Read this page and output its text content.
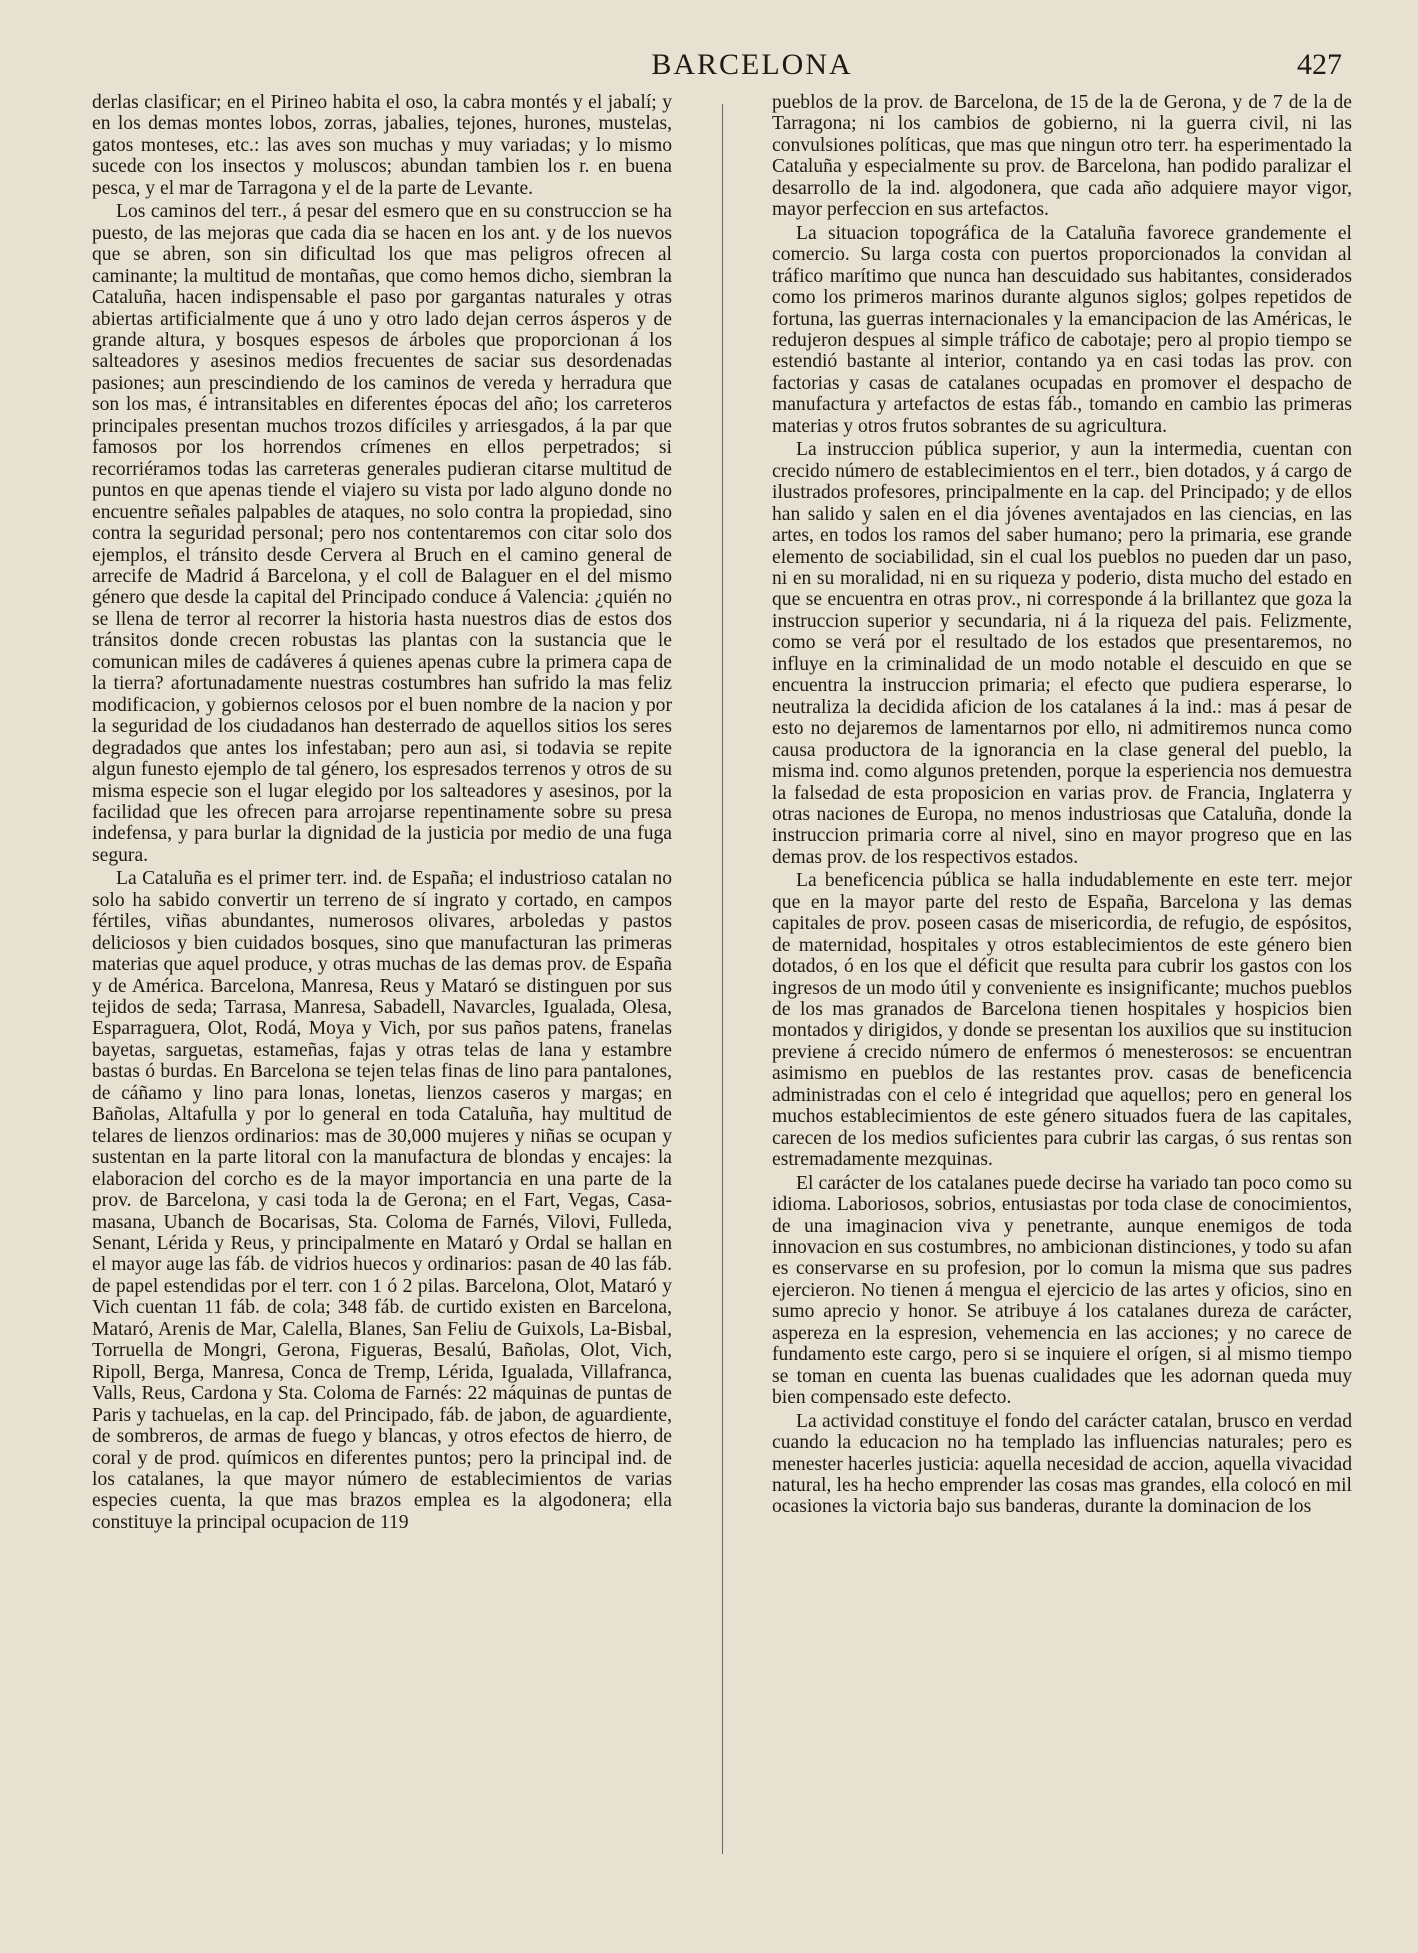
BARCELONA	427

derlas clasificar; en el Pirineo habita el oso, la cabra montés y el jabalí; y en los demas montes lobos, zorras, jabalies, tejones, hurones, mustelas, gatos monteses, etc.: las aves son muchas y muy variadas; y lo mismo sucede con los insectos y moluscos; abundan tambien los r. en buena pesca, y el mar de Tarragona y el de la parte de Levante.

Los caminos del terr., á pesar del esmero que en su construccion se ha puesto, de las mejoras que cada dia se hacen en los ant. y de los nuevos que se abren, son sin dificultad los que mas peligros ofrecen al caminante; la multitud de montañas, que como hemos dicho, siembran la Cataluña, hacen indispensable el paso por gargantas naturales y otras abiertas artificialmente que á uno y otro lado dejan cerros ásperos y de grande altura, y bosques espesos de árboles que proporcionan á los salteadores y asesinos medios frecuentes de saciar sus desordenadas pasiones; aun prescindiendo de los caminos de vereda y herradura que son los mas, é intransitables en diferentes épocas del año; los carreteros principales presentan muchos trozos difíciles y arriesgados, á la par que famosos por los horrendos crímenes en ellos perpetrados; si recorriéramos todas las carreteras generales pudieran citarse multitud de puntos en que apenas tiende el viajero su vista por lado alguno donde no encuentre señales palpables de ataques, no solo contra la propiedad, sino contra la seguridad personal; pero nos contentaremos con citar solo dos ejemplos, el tránsito desde Cervera al Bruch en el camino general de arrecife de Madrid á Barcelona, y el coll de Balaguer en el del mismo género que desde la capital del Principado conduce á Valencia: ¿quién no se llena de terror al recorrer la historia hasta nuestros dias de estos dos tránsitos donde crecen robustas las plantas con la sustancia que le comunican miles de cadáveres á quienes apenas cubre la primera capa de la tierra? afortunadamente nuestras costumbres han sufrido la mas feliz modificacion, y gobiernos celosos por el buen nombre de la nacion y por la seguridad de los ciudadanos han desterrado de aquellos sitios los seres degradados que antes los infestaban; pero aun asi, si todavia se repite algun funesto ejemplo de tal género, los espresados terrenos y otros de su misma especie son el lugar elegido por los salteadores y asesinos, por la facilidad que les ofrecen para arrojarse repentinamente sobre su presa indefensa, y para burlar la dignidad de la justicia por medio de una fuga segura.

La Cataluña es el primer terr. ind. de España; el industrioso catalan no solo ha sabido convertir un terreno de sí ingrato y cortado, en campos fértiles, viñas abundantes, numerosos olivares, arboledas y pastos deliciosos y bien cuidados bosques, sino que manufacturan las primeras materias que aquel produce, y otras muchas de las demas prov. de España y de América. Barcelona, Manresa, Reus y Mataró se distinguen por sus tejidos de seda; Tarrasa, Manresa, Sabadell, Navarcles, Igualada, Olesa, Esparraguera, Olot, Rodá, Moya y Vich, por sus paños patens, franelas bayetas, sarguetas, estameñas, fajas y otras telas de lana y estambre bastas ó burdas. En Barcelona se tejen telas finas de lino para pantalones, de cáñamo y lino para lonas, lonetas, lienzos caseros y margas; en Bañolas, Altafulla y por lo general en toda Cataluña, hay multitud de telares de lienzos ordinarios: mas de 30,000 mujeres y niñas se ocupan y sustentan en la parte litoral con la manufactura de blondas y encajes: la elaboracion del corcho es de la mayor importancia en una parte de la prov. de Barcelona, y casi toda la de Gerona; en el Fart, Vegas, Casa-masana, Ubanch de Bocarisas, Sta. Coloma de Farnés, Vilovi, Fulleda, Senant, Lérida y Reus, y principalmente en Mataró y Ordal se hallan en el mayor auge las fáb. de vidrios huecos y ordinarios: pasan de 40 las fáb. de papel estendidas por el terr. con 1 ó 2 pilas. Barcelona, Olot, Mataró y Vich cuentan 11 fáb. de cola; 348 fáb. de curtido existen en Barcelona, Mataró, Arenis de Mar, Calella, Blanes, San Feliu de Guixols, La-Bisbal, Torruella de Mongri, Gerona, Figueras, Besalú, Bañolas, Olot, Vich, Ripoll, Berga, Manresa, Conca de Tremp, Lérida, Igualada, Villafranca, Valls, Reus, Cardona y Sta. Coloma de Farnés: 22 máquinas de puntas de Paris y tachuelas, en la cap. del Principado, fáb. de jabon, de aguardiente, de sombreros, de armas de fuego y blancas, y otros efectos de hierro, de coral y de prod. químicos en diferentes puntos; pero la principal ind. de los catalanes, la que mayor número de establecimientos de varias especies cuenta, la que mas brazos emplea es la algodonera; ella constituye la principal ocupacion de 119

pueblos de la prov. de Barcelona, de 15 de la de Gerona, y de 7 de la de Tarragona; ni los cambios de gobierno, ni la guerra civil, ni las convulsiones políticas, que mas que ningun otro terr. ha esperimentado la Cataluña y especialmente su prov. de Barcelona, han podido paralizar el desarrollo de la ind. algodonera, que cada año adquiere mayor vigor, mayor perfeccion en sus artefactos.

La situacion topográfica de la Cataluña favorece grandemente el comercio. Su larga costa con puertos proporcionados la convidan al tráfico marítimo que nunca han descuidado sus habitantes, considerados como los primeros marinos durante algunos siglos; golpes repetidos de fortuna, las guerras internacionales y la emancipacion de las Américas, le redujeron despues al simple tráfico de cabotaje; pero al propio tiempo se estendió bastante al interior, contando ya en casi todas las prov. con factorias y casas de catalanes ocupadas en promover el despacho de manufactura y artefactos de estas fáb., tomando en cambio las primeras materias y otros frutos sobrantes de su agricultura.

La instruccion pública superior, y aun la intermedia, cuentan con crecido número de establecimientos en el terr., bien dotados, y á cargo de ilustrados profesores, principalmente en la cap. del Principado; y de ellos han salido y salen en el dia jóvenes aventajados en las ciencias, en las artes, en todos los ramos del saber humano; pero la primaria, ese grande elemento de sociabilidad, sin el cual los pueblos no pueden dar un paso, ni en su moralidad, ni en su riqueza y poderio, dista mucho del estado en que se encuentra en otras prov., ni corresponde á la brillantez que goza la instruccion superior y secundaria, ni á la riqueza del pais. Felizmente, como se verá por el resultado de los estados que presentaremos, no influye en la criminalidad de un modo notable el descuido en que se encuentra la instruccion primaria; el efecto que pudiera esperarse, lo neutraliza la decidida aficion de los catalanes á la ind.: mas á pesar de esto no dejaremos de lamentarnos por ello, ni admitiremos nunca como causa productora de la ignorancia en la clase general del pueblo, la misma ind. como algunos pretenden, porque la esperiencia nos demuestra la falsedad de esta proposicion en varias prov. de Francia, Inglaterra y otras naciones de Europa, no menos industriosas que Cataluña, donde la instruccion primaria corre al nivel, sino en mayor progreso que en las demas prov. de los respectivos estados.

La beneficencia pública se halla indudablemente en este terr. mejor que en la mayor parte del resto de España, Barcelona y las demas capitales de prov. poseen casas de misericordia, de refugio, de espósitos, de maternidad, hospitales y otros establecimientos de este género bien dotados, ó en los que el déficit que resulta para cubrir los gastos con los ingresos de un modo útil y conveniente es insignificante; muchos pueblos de los mas granados de Barcelona tienen hospitales y hospicios bien montados y dirigidos, y donde se presentan los auxilios que su institucion previene á crecido número de enfermos ó menesterosos: se encuentran asimismo en pueblos de las restantes prov. casas de beneficencia administradas con el celo é integridad que aquellos; pero en general los muchos establecimientos de este género situados fuera de las capitales, carecen de los medios suficientes para cubrir las cargas, ó sus rentas son estremadamente mezquinas.

El carácter de los catalanes puede decirse ha variado tan poco como su idioma. Laboriosos, sobrios, entusiastas por toda clase de conocimientos, de una imaginacion viva y penetrante, aunque enemigos de toda innovacion en sus costumbres, no ambicionan distinciones, y todo su afan es conservarse en su profesion, por lo comun la misma que sus padres ejercieron. No tienen á mengua el ejercicio de las artes y oficios, sino en sumo aprecio y honor. Se atribuye á los catalanes dureza de carácter, aspereza en la espresion, vehemencia en las acciones; y no carece de fundamento este cargo, pero si se inquiere el orígen, si al mismo tiempo se toman en cuenta las buenas cualidades que les adornan queda muy bien compensado este defecto.

La actividad constituye el fondo del carácter catalan, brusco en verdad cuando la educacion no ha templado las influencias naturales; pero es menester hacerles justicia: aquella necesidad de accion, aquella vivacidad natural, les ha hecho emprender las cosas mas grandes, ella colocó en mil ocasiones la victoria bajo sus banderas, durante la dominacion de los
